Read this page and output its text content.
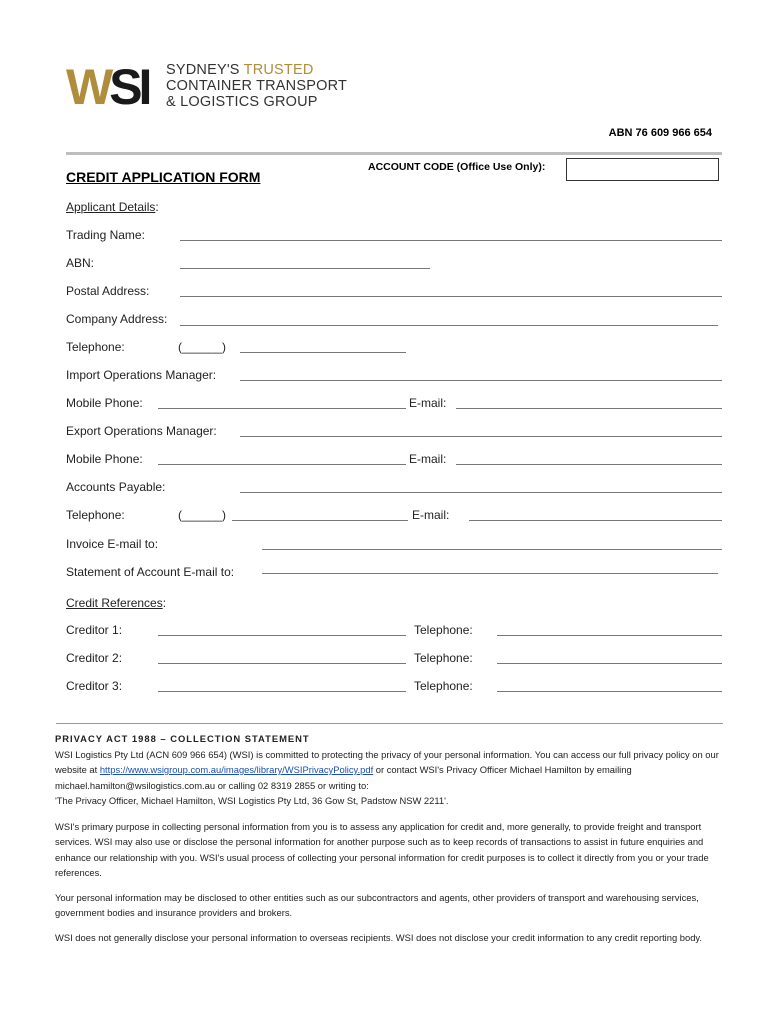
WSI SYDNEY'S TRUSTED
CONTAINER TRANSPORT
& LOGISTICS GROUP
ABN 76 609 966 654
ACCOUNT CODE (Office Use Only):
CREDIT APPLICATION FORM
Applicant Details:
Trading Name:
ABN:
Postal Address:
Company Address:
Telephone:	(______)
Import Operations Manager:
Mobile Phone:	E-mail:
Export Operations Manager:
Mobile Phone:	E-mail:
Accounts Payable:
Telephone:	(______)	E-mail:
Invoice E-mail to:
Statement of Account E-mail to:
Credit References:
Creditor 1:	Telephone:
Creditor 2:	Telephone:
Creditor 3:	Telephone:

PRIVACY ACT 1988 – COLLECTION STATEMENT
WSI Logistics Pty Ltd (ACN 609 966 654) (WSI) is committed to protecting the privacy of your personal information. You can access our full privacy policy on our website at https://www.wsigroup.com.au/images/library/WSIPrivacyPolicy.pdf or contact WSI's Privacy Officer Michael Hamilton by emailing michael.hamilton@wsilogistics.com.au or calling 02 8319 2855 or writing to:
'The Privacy Officer, Michael Hamilton, WSI Logistics Pty Ltd, 36 Gow St, Padstow NSW 2211'.

WSI's primary purpose in collecting personal information from you is to assess any application for credit and, more generally, to provide freight and transport services. WSI may also use or disclose the personal information for another purpose such as to keep records of transactions to assist in future enquiries and enhance our relationship with you. WSI's usual process of collecting your personal information for credit purposes is to collect it directly from you or your trade references.

Your personal information may be disclosed to other entities such as our subcontractors and agents, other providers of transport and warehousing services, government bodies and insurance providers and brokers.

WSI does not generally disclose your personal information to overseas recipients. WSI does not disclose your credit information to any credit reporting body.
